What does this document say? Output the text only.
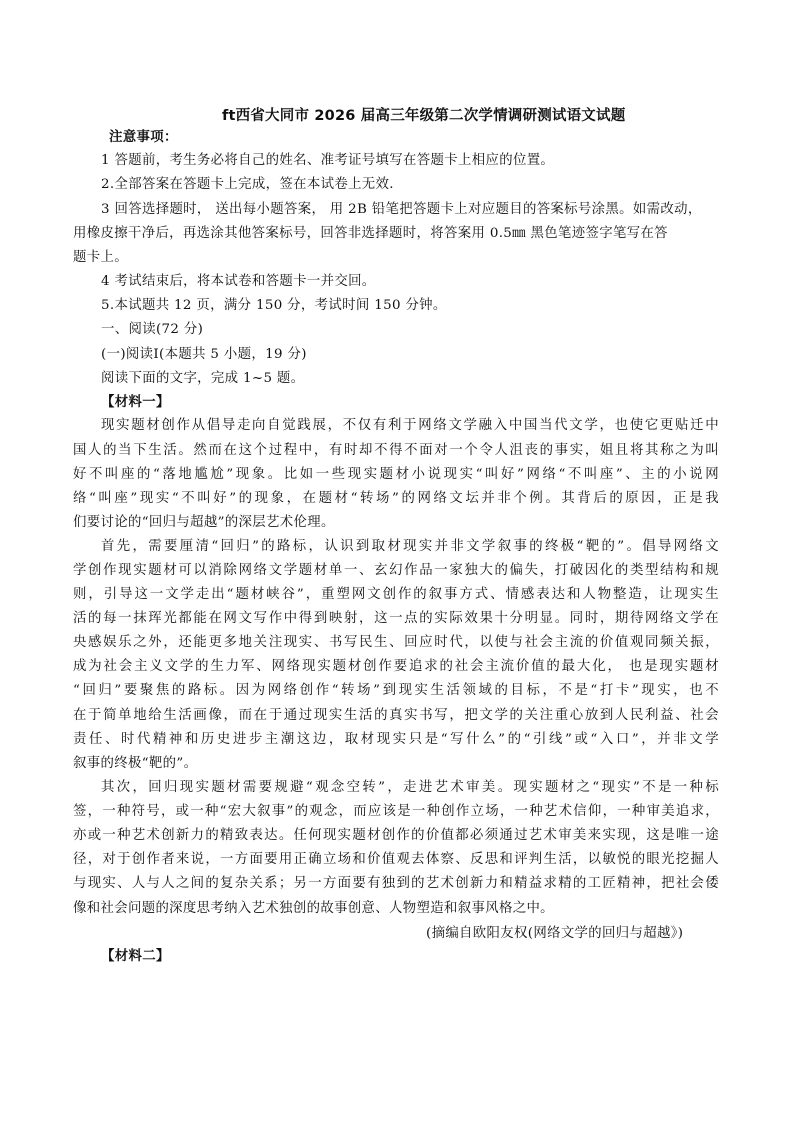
ft西省大同市 2026 届高三年级第二次学情调研测试语文试题
注意事项：
1 答题前，考生务必将自己的姓名、准考证号填写在答题卡上相应的位置。
2.全部答案在答题卡上完成，签在本试卷上无效.
3 回答选择题时， 送出每小题答案， 用 2B 铅笔把答题卡上对应题目的答案标号涂黑。如需改动，
用橡皮擦干净后，再选涂其他答案标号，回答非选择题时，将答案用 0.5㎜ 黑色笔迹签字笔写在答
题卡上。
4 考试结束后，将本试卷和答题卡一并交回。
5.本试题共 12 页，满分 150 分，考试时间 150 分钟。
一、阅读(72 分)
(一)阅读Ⅰ(本题共 5 小题，19 分)
阅读下面的文字，完成 1~5 题。
【材料一】
现实题材创作从倡导走向自觉践展，不仅有利于网络文学融入中国当代文学，也使它更贴迁中
国人的当下生活。然而在这个过程中，有时却不得不面对一个令人沮丧的事实，姐且将其称之为叫
好不叫座的“落地尴尬”现象。比如一些现实题材小说现实“叫好”网络“不叫座”、主的小说网
络“叫座”现实“不叫好”的现象，在题材“转场”的网络文坛并非个例。其背后的原因，正是我
们要讨论的“回归与超越”的深层艺术伦理。
首先，需要厘清“回归”的路标，认识到取材现实并非文学叙事的终极“靶的”。倡导网络文
学创作现实题材可以消除网络文学题材单一、玄幻作品一家独大的偏失，打破因化的类型结构和规
则，引导这一文学走出“题材峡谷”，重塑网文创作的叙事方式、情感表达和人物整造，让现实生
活的每一抹珲光都能在网文写作中得到映射，这一点的实际效果十分明显。同时，期待网络文学在
央感娱乐之外，还能更多地关注现实、书写民生、回应时代，以使与社会主流的价值观同频关振，
成为社会主义文学的生力军、网络现实题材创作要追求的社会主流价值的最大化， 也是现实题材
“回归”要聚焦的路标。因为网络创作“转场”到现实生活领域的目标，不是“打卡”现实，也不
在于简单地给生活画像，而在于通过现实生活的真实书写，把文学的关注重心放到人民利益、社会
责任、时代精神和历史进步主潮这边，取材现实只是“写什么”的“引线”或“入口”，并非文学
叙事的终极“靶的”。
其次，回归现实题材需要规避“观念空转”，走进艺术审美。现实题材之“现实”不是一种标
签，一种符号，或一种“宏大叙事”的观念，而应该是一种创作立场，一种艺术信仰，一种审美追求，
亦或一种艺术创新力的精致表达。任何现实题材创作的价值都必须通过艺术审美来实现，这是唯一途
径，对于创作者来说，一方面要用正确立场和价值观去体察、反思和评判生活，以敏悦的眼光挖掘人
与现实、人与人之间的复杂关系；另一方面要有独到的艺术创新力和精益求精的工匠精神，把社会倭
像和社会问题的深度思考纳入艺术独创的故事创意、人物塑造和叙事风格之中。
(摘编自欧阳友权(网络文学的回归与超越》)
【材料二】
